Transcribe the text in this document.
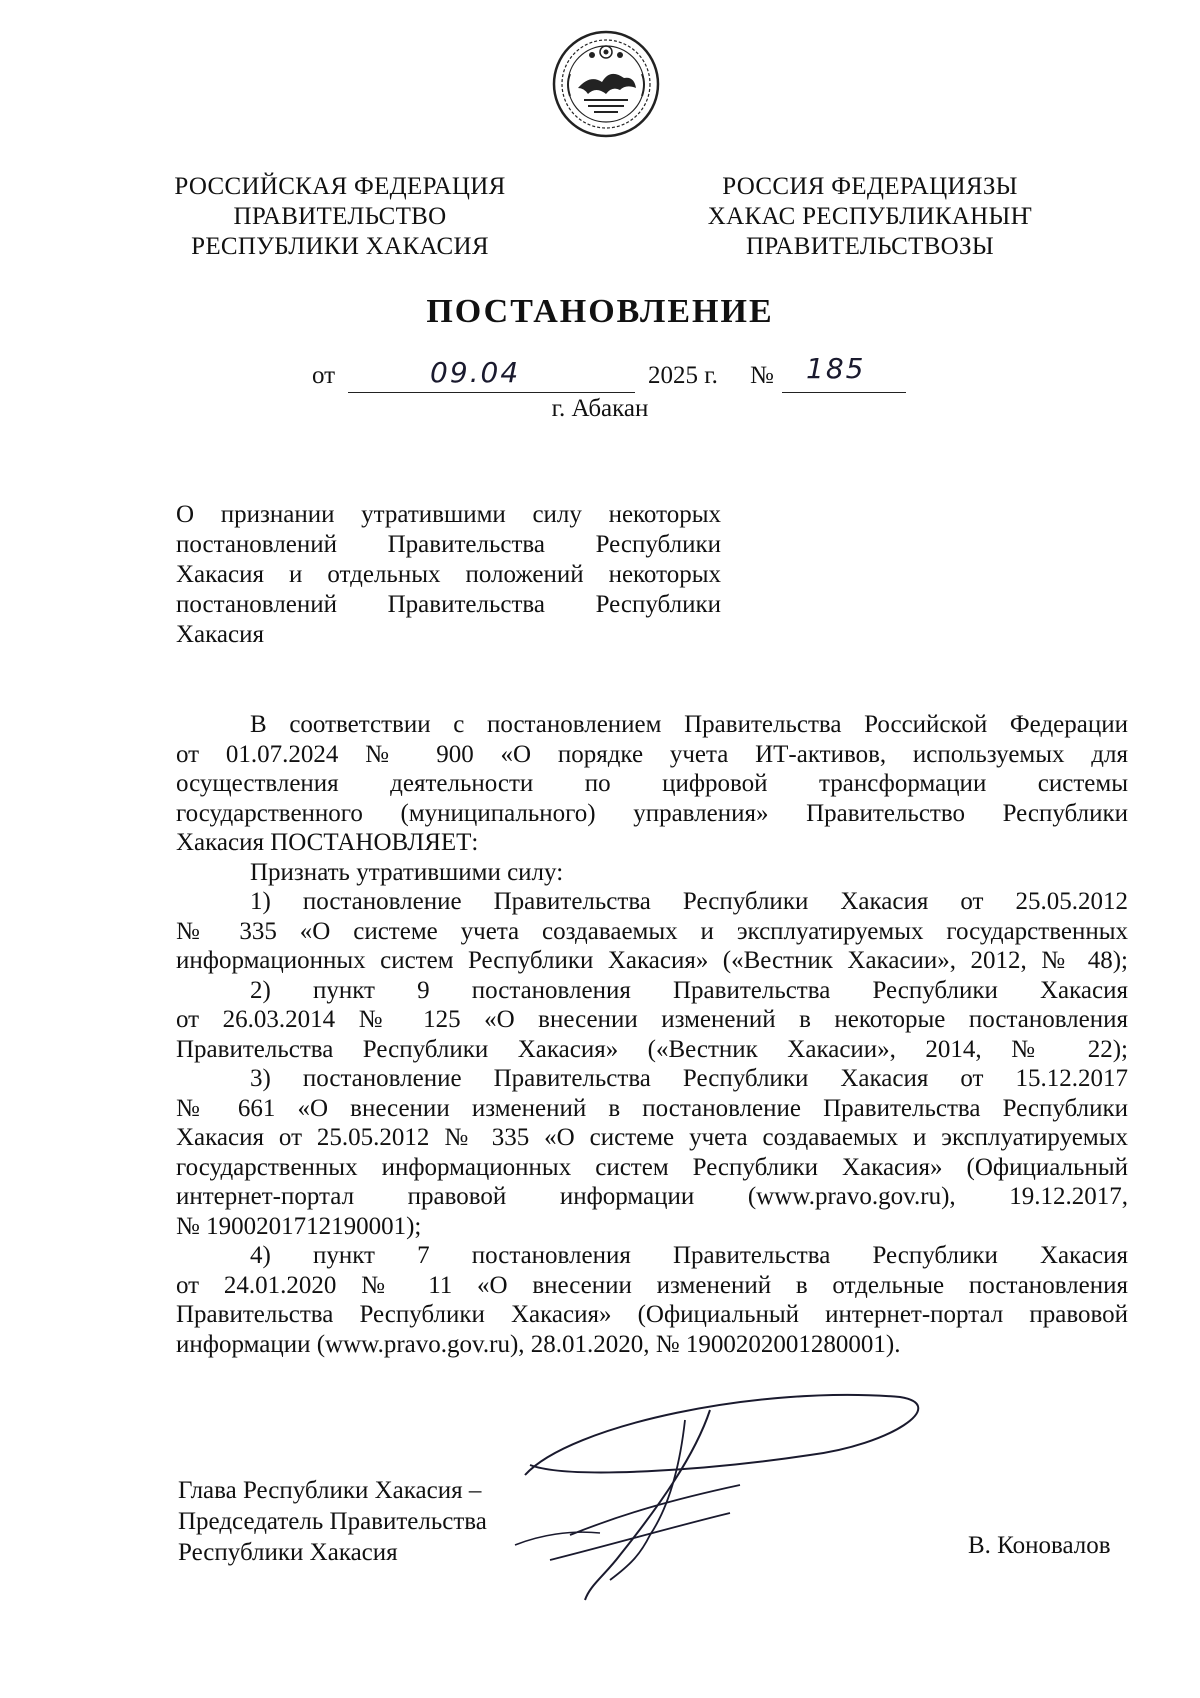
РОССИЙСКАЯ ФЕДЕРАЦИЯ
ПРАВИТЕЛЬСТВО
РЕСПУБЛИКИ ХАКАСИЯ
РОССИЯ ФЕДЕРАЦИЯЗЫ
ХАКАС РЕСПУБЛИКАНЫҤ
ПРАВИТЕЛЬСТВОЗЫ
ПОСТАНОВЛЕНИЕ
от	09.04	2025 г. № 185
г. Абакан
О признании утратившими силу некоторых
постановлений Правительства Республики
Хакасия и отдельных положений некоторых
постановлений Правительства Республики
Хакасия
В соответствии с постановлением Правительства Российской Федерации
от 01.07.2024 № 900 «О порядке учета ИТ-активов, используемых для
осуществления деятельности по цифровой трансформации системы
государственного (муниципального) управления» Правительство Республики
Хакасия ПОСТАНОВЛЯЕТ:
Признать утратившими силу:
1) постановление Правительства Республики Хакасия от 25.05.2012
№ 335 «О системе учета создаваемых и эксплуатируемых государственных
информационных систем Республики Хакасия» («Вестник Хакасии», 2012, № 48);
2) пункт 9 постановления Правительства Республики Хакасия
от 26.03.2014 № 125 «О внесении изменений в некоторые постановления
Правительства Республики Хакасия» («Вестник Хакасии», 2014, № 22);
3) постановление Правительства Республики Хакасия от 15.12.2017
№ 661 «О внесении изменений в постановление Правительства Республики
Хакасия от 25.05.2012 № 335 «О системе учета создаваемых и эксплуатируемых
государственных информационных систем Республики Хакасия» (Официальный
интернет-портал правовой информации (www.pravo.gov.ru), 19.12.2017,
№ 1900201712190001);
4) пункт 7 постановления Правительства Республики Хакасия
от 24.01.2020 № 11 «О внесении изменений в отдельные постановления
Правительства Республики Хакасия» (Официальный интернет-портал правовой
информации (www.pravo.gov.ru), 28.01.2020, № 1900202001280001).
Глава Республики Хакасия –
Председатель Правительства
Республики Хакасия	В. Коновалов
